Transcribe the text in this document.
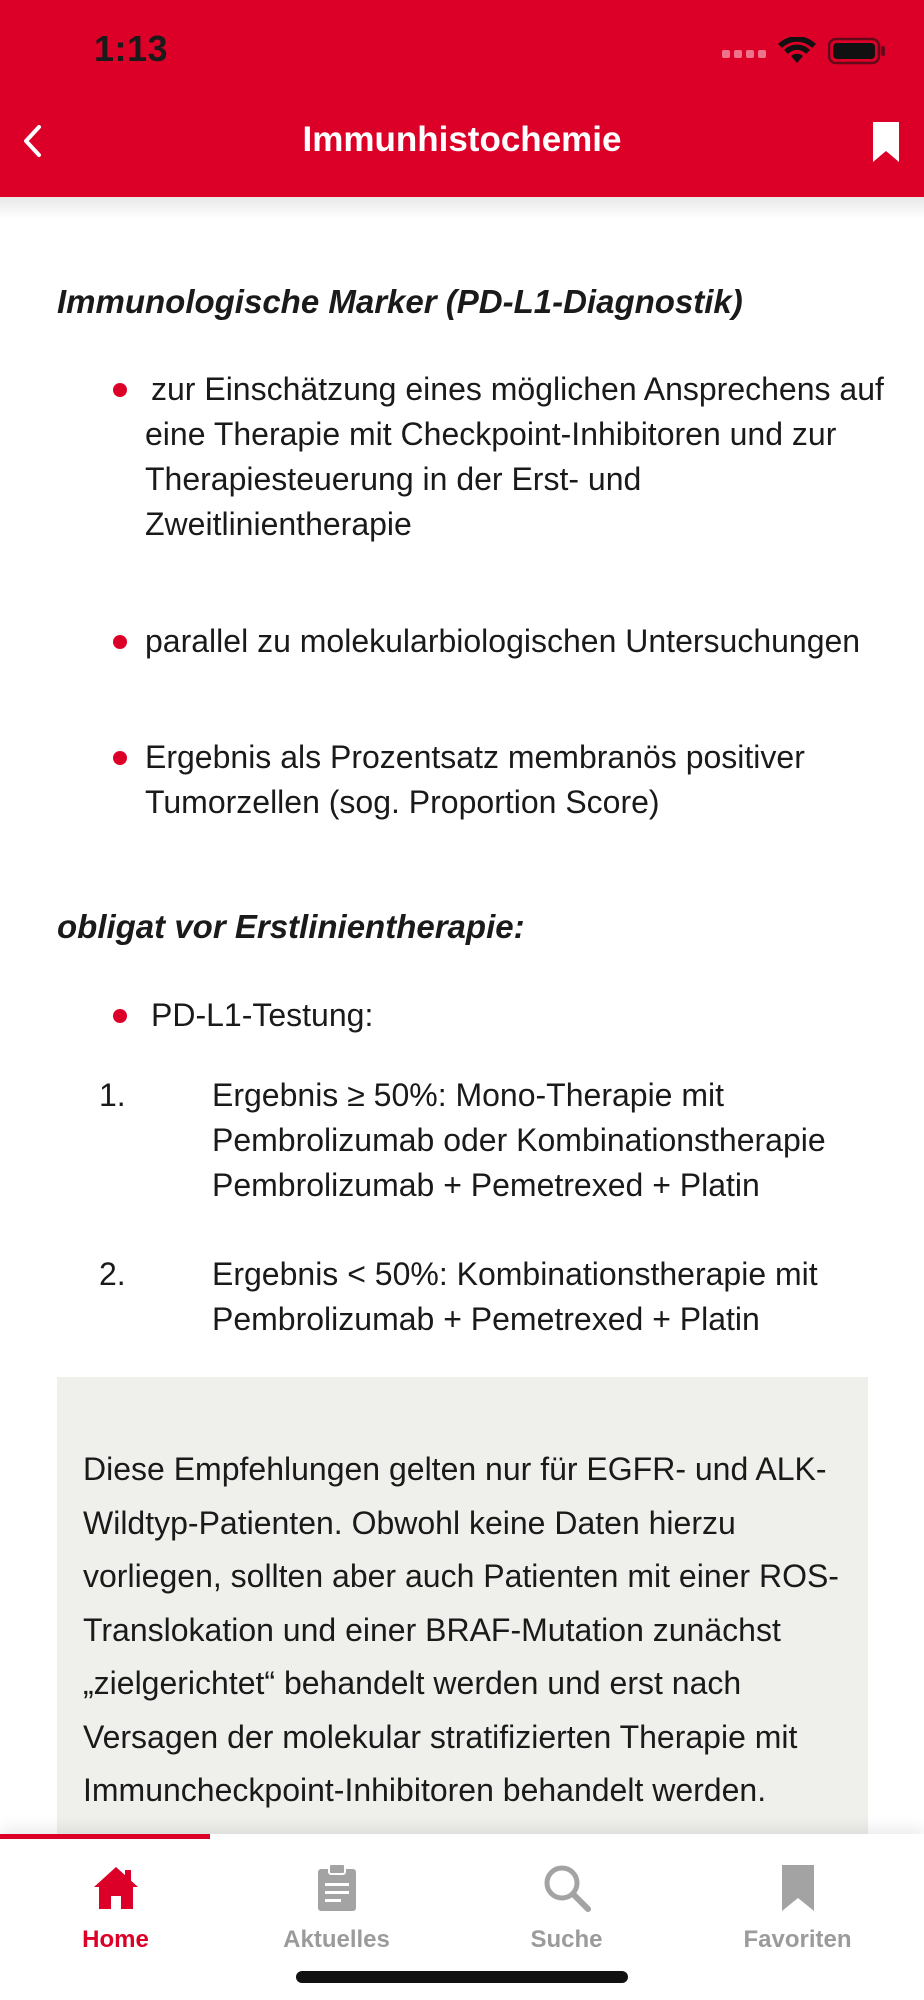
1:13
Immunhistochemie
Immunologische Marker (PD-L1-Diagnostik)
zur Einschätzung eines möglichen Ansprechens auf eine Therapie mit Checkpoint-Inhibitoren und zur Therapiesteuerung in der Erst- und Zweitlinientherapie
parallel zu molekularbiologischen Untersuchungen
Ergebnis als Prozentsatz membranös positiver Tumorzellen (sog. Proportion Score)
obligat vor Erstlinientherapie:
PD-L1-Testung:
1.	Ergebnis ≥ 50%: Mono-Therapie mit Pembrolizumab oder Kombinationstherapie Pembrolizumab + Pemetrexed + Platin
2.	Ergebnis < 50%: Kombinationstherapie mit Pembrolizumab + Pemetrexed + Platin
Diese Empfehlungen gelten nur für EGFR- und ALK-Wildtyp-Patienten. Obwohl keine Daten hierzu vorliegen, sollten aber auch Patienten mit einer ROS-Translokation und einer BRAF-Mutation zunächst „zielgerichtet“ behandelt werden und erst nach Versagen der molekular stratifizierten Therapie mit Immuncheckpoint-Inhibitoren behandelt werden.
Home	Aktuelles	Suche	Favoriten
